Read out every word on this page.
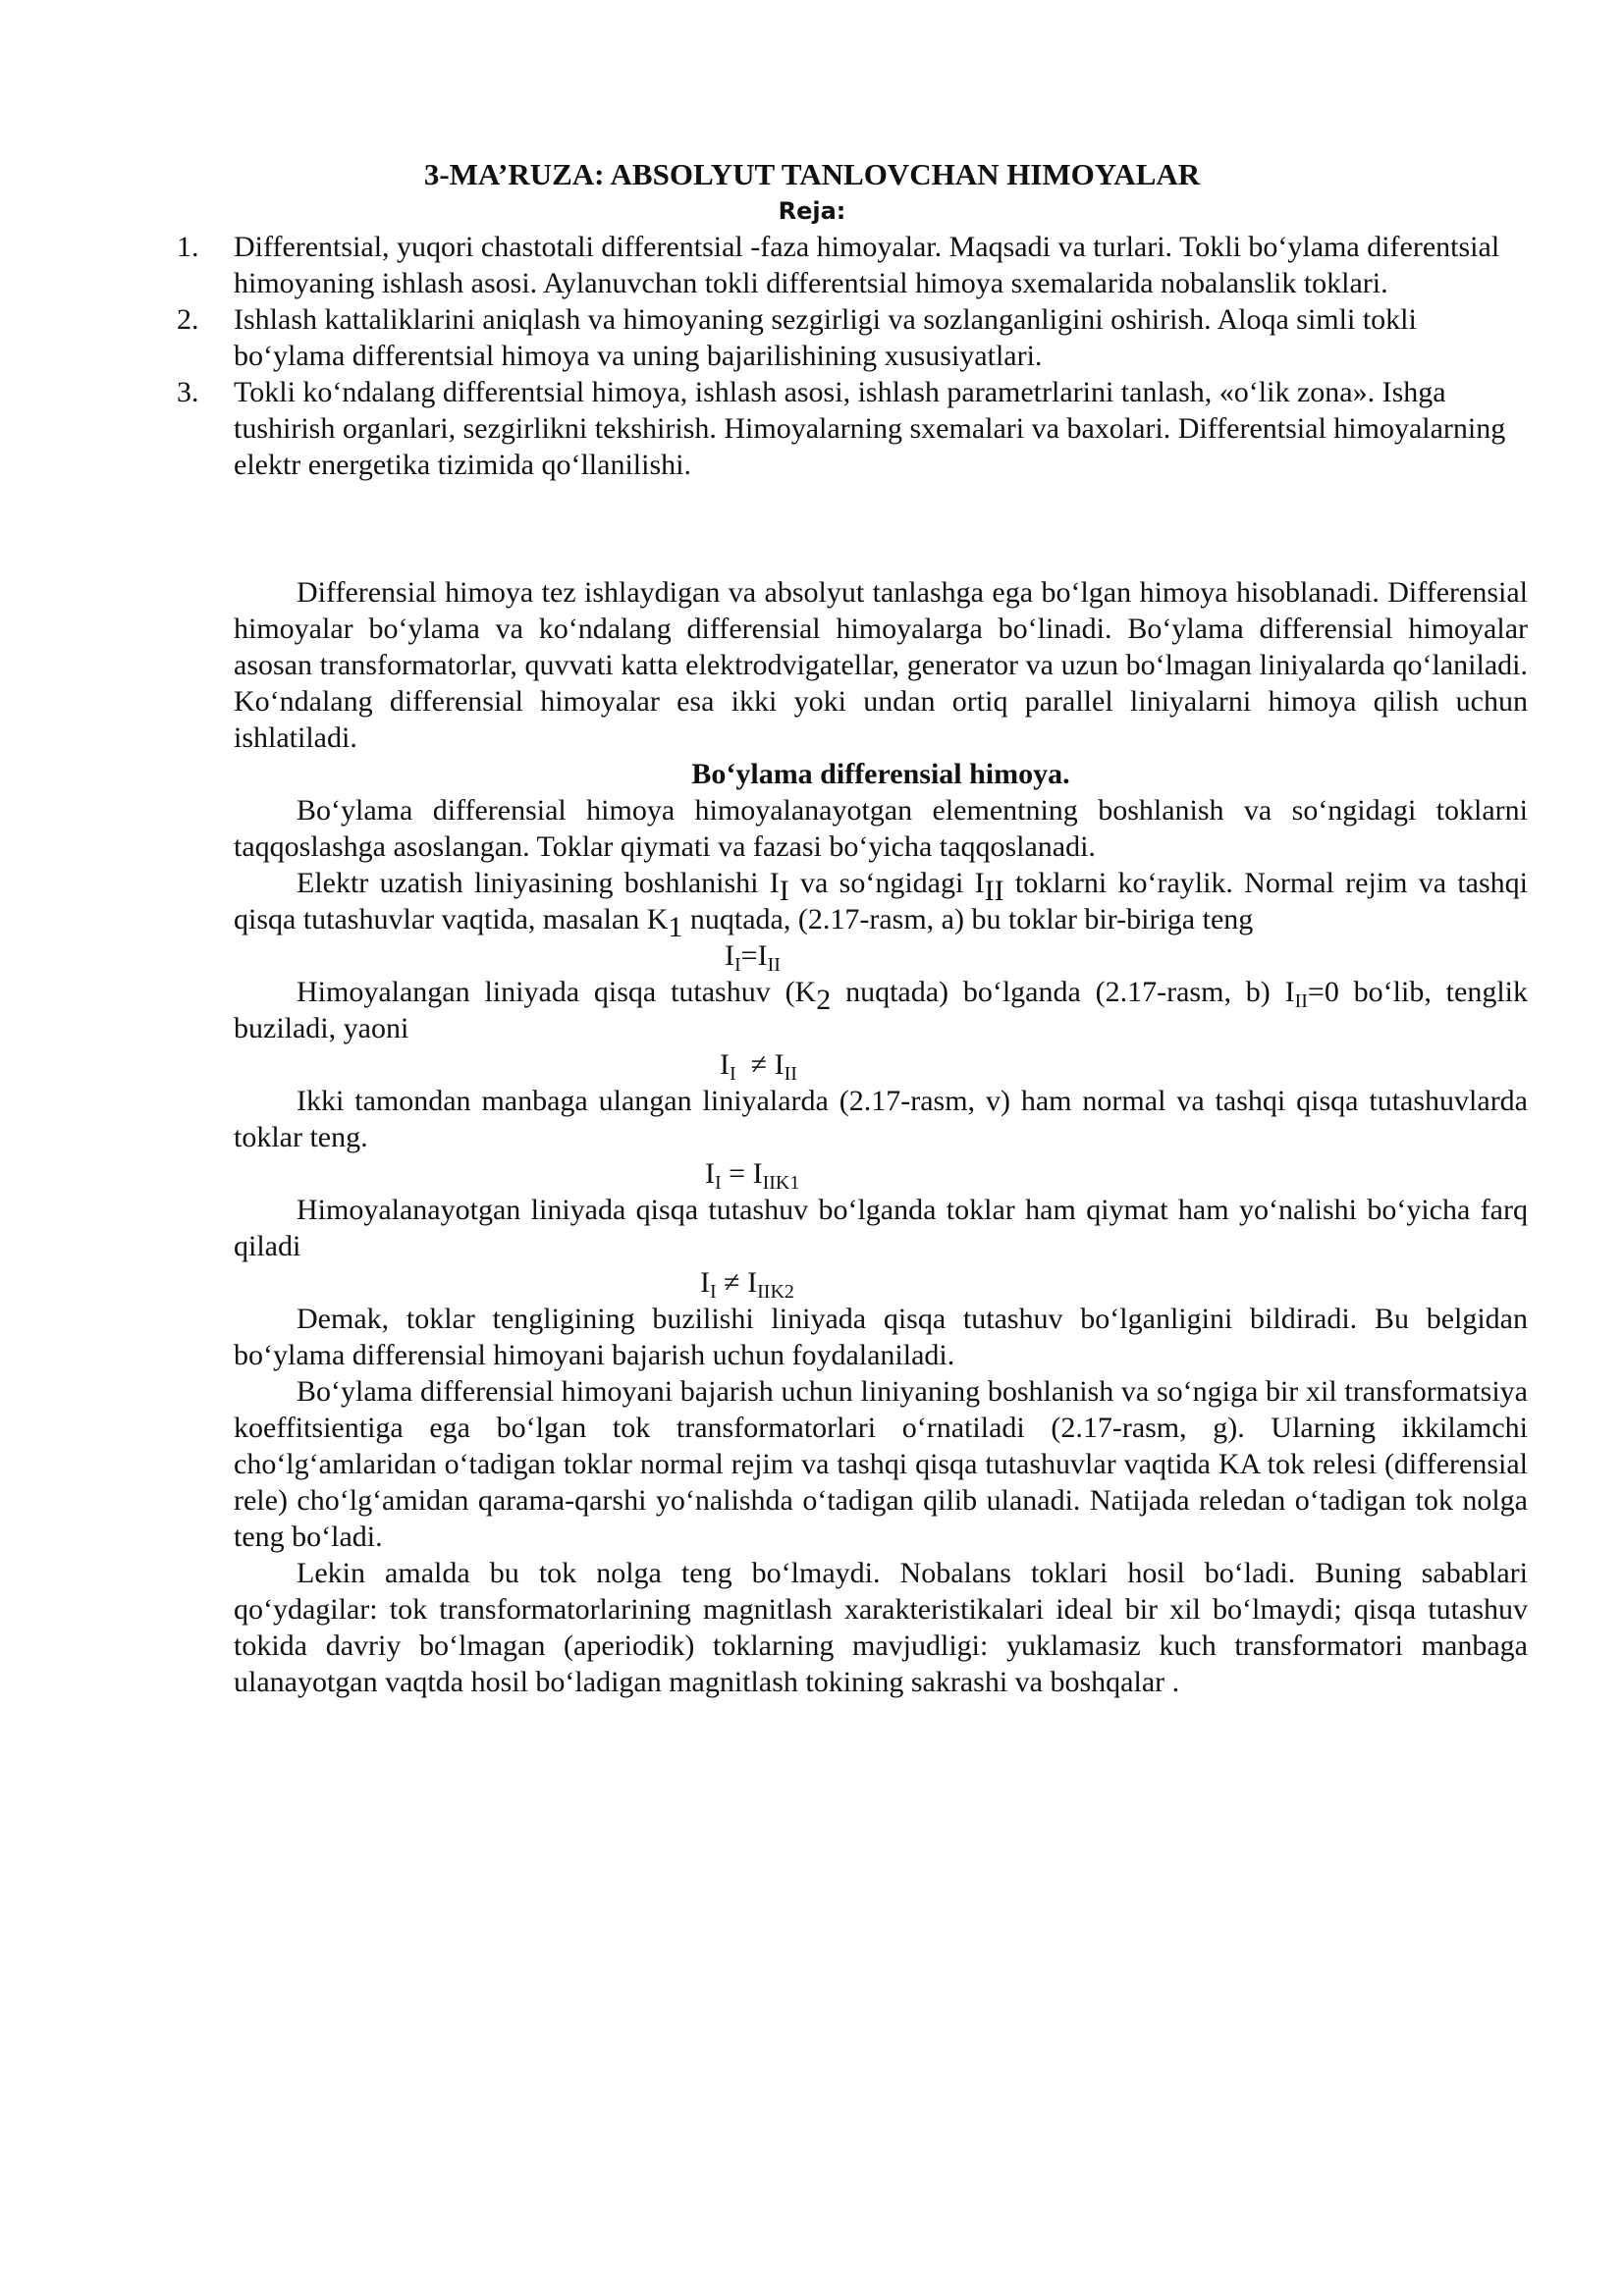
3-MA’RUZA: ABSOLYUT TANLOVCHAN HIMOYALAR
Reja:
1. Differentsial, yuqori chastotali differentsial -faza himoyalar. Maqsadi va turlari. Tokli bo‘ylama diferentsial himoyaning ishlash asosi. Aylanuvchan tokli differentsial himoya sxemalarida nobalanslik toklari.
2. Ishlash kattaliklarini aniqlash va himoyaning sezgirligi va sozlanganligini oshirish. Aloqa simli tokli bo‘ylama differentsial himoya va uning bajarilishining xususiyatlari.
3. Tokli ko‘ndalang differentsial himoya, ishlash asosi, ishlash parametrlarini tanlash, «o‘lik zona». Ishga tushirish organlari, sezgirlikni tekshirish. Himoyalarning sxemalari va baxolari. Differentsial himoyalarning elektr energetika tizimida qo‘llanilishi.

Differensial himoya tez ishlaydigan va absolyut tanlashga ega bo‘lgan himoya hisoblanadi. Differensial himoyalar bo‘ylama va ko‘ndalang differensial himoyalarga bo‘linadi. Bo‘ylama differensial himoyalar asosan transformatorlar, quvvati katta elektrodvigatellar, generator va uzun bo‘lmagan liniyalarda qo‘laniladi. Ko‘ndalang differensial himoyalar esa ikki yoki undan ortiq parallel liniyalarni himoya qilish uchun ishlatiladi.

Bo‘ylama differensial himoya.

Bo‘ylama differensial himoya himoyalanayotgan elementning boshlanish va so‘ngidagi toklarni taqqoslashga asoslangan. Toklar qiymati va fazasi bo‘yicha taqqoslanadi.

Elektr uzatish liniyasining boshlanishi II va so‘ngidagi III toklarni ko‘raylik. Normal rejim va tashqi qisqa tutashuvlar vaqtida, masalan K1 nuqtada, (2.17-rasm, a) bu toklar bir-biriga teng

$I_I=I_{II}$

Himoyalangan liniyada qisqa tutashuv (K2 nuqtada) bo‘lganda (2.17-rasm, b) $I_{II}=0$ bo‘lib, tenglik buziladi, yaoni

$I_I \ne I_{II}$

Ikki tamondan manbaga ulangan liniyalarda (2.17-rasm, v) ham normal va tashqi qisqa tutashuvlarda toklar teng.

$I_I = I_{IIK1}$

Himoyalanayotgan liniyada qisqa tutashuv bo‘lganda toklar ham qiymat ham yo‘nalishi bo‘yicha farq qiladi

$I_I \ne I_{IIK2}$

Demak, toklar tengligining buzilishi liniyada qisqa tutashuv bo‘lganligini bildiradi. Bu belgidan bo‘ylama differensial himoyani bajarish uchun foydalaniladi.

Bo‘ylama differensial himoyani bajarish uchun liniyaning boshlanish va so‘ngiga bir xil transformatsiya koeffitsientiga ega bo‘lgan tok transformatorlari o‘rnatiladi (2.17-rasm, g). Ularning ikkilamchi cho‘lg‘amlaridan o‘tadigan toklar normal rejim va tashqi qisqa tutashuvlar vaqtida KA tok relesi (differensial rele) cho‘lg‘amidan qarama-qarshi yo‘nalishda o‘tadigan qilib ulanadi. Natijada reledan o‘tadigan tok nolga teng bo‘ladi.

Lekin amalda bu tok nolga teng bo‘lmaydi. Nobalans toklari hosil bo‘ladi. Buning sabablari qo‘ydagilar: tok transformatorlarining magnitlash xarakteristikalari ideal bir xil bo‘lmaydi; qisqa tutashuv tokida davriy bo‘lmagan (aperiodik) toklarning mavjudligi: yuklamasiz kuch transformatori manbaga ulanayotgan vaqtda hosil bo‘ladigan magnitlash tokining sakrashi va boshqalar .
